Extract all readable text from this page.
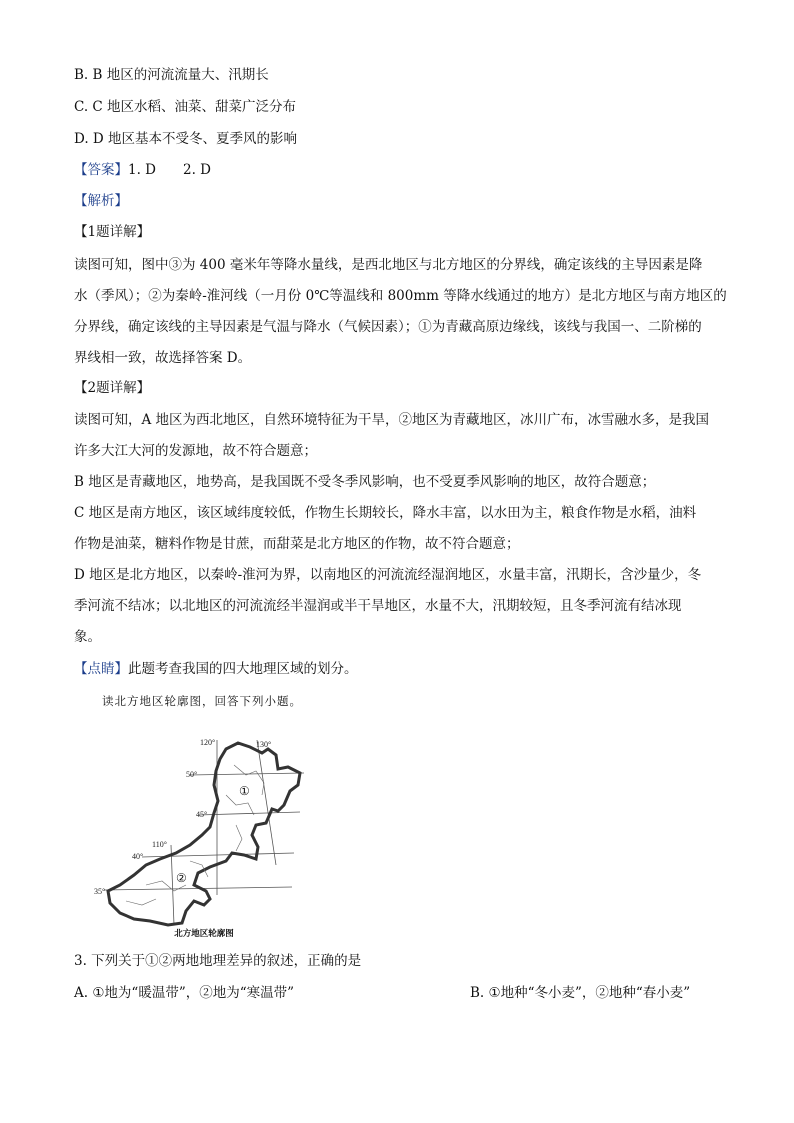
B. B 地区的河流流量大、汛期长
C. C 地区水稻、油菜、甜菜广泛分布
D. D 地区基本不受冬、夏季风的影响
【答案】1. D　　2. D
【解析】
【1题详解】
读图可知，图中③为 400 毫米年等降水量线，是西北地区与北方地区的分界线，确定该线的主导因素是降
水（季风）；②为秦岭-淮河线（一月份 0℃等温线和 800mm 等降水线通过的地方）是北方地区与南方地区的
分界线，确定该线的主导因素是气温与降水（气候因素）；①为青藏高原边缘线，该线与我国一、二阶梯的
界线相一致，故选择答案 D。
【2题详解】
读图可知，A 地区为西北地区，自然环境特征为干旱，②地区为青藏地区，冰川广布，冰雪融水多，是我国
许多大江大河的发源地，故不符合题意；
B 地区是青藏地区，地势高，是我国既不受冬季风影响，也不受夏季风影响的地区，故符合题意；
C 地区是南方地区，该区域纬度较低，作物生长期较长，降水丰富，以水田为主，粮食作物是水稻，油料
作物是油菜，糖料作物是甘蔗，而甜菜是北方地区的作物，故不符合题意；
D 地区是北方地区，以秦岭-淮河为界，以南地区的河流流经湿润地区，水量丰富，汛期长，含沙量少，冬
季河流不结冰；以北地区的河流流经半湿润或半干旱地区，水量不大，汛期较短，且冬季河流有结冰现
象。
【点睛】此题考查我国的四大地理区域的划分。
读北方地区轮廓图，回答下列小题。
120°	130°
50°
45°
110°
40°
35°
①
②
北方地区轮廓图
3. 下列关于①②两地地理差异的叙述，正确的是
A. ①地为“暖温带”，②地为“寒温带”	B. ①地种“冬小麦”，②地种“春小麦”
